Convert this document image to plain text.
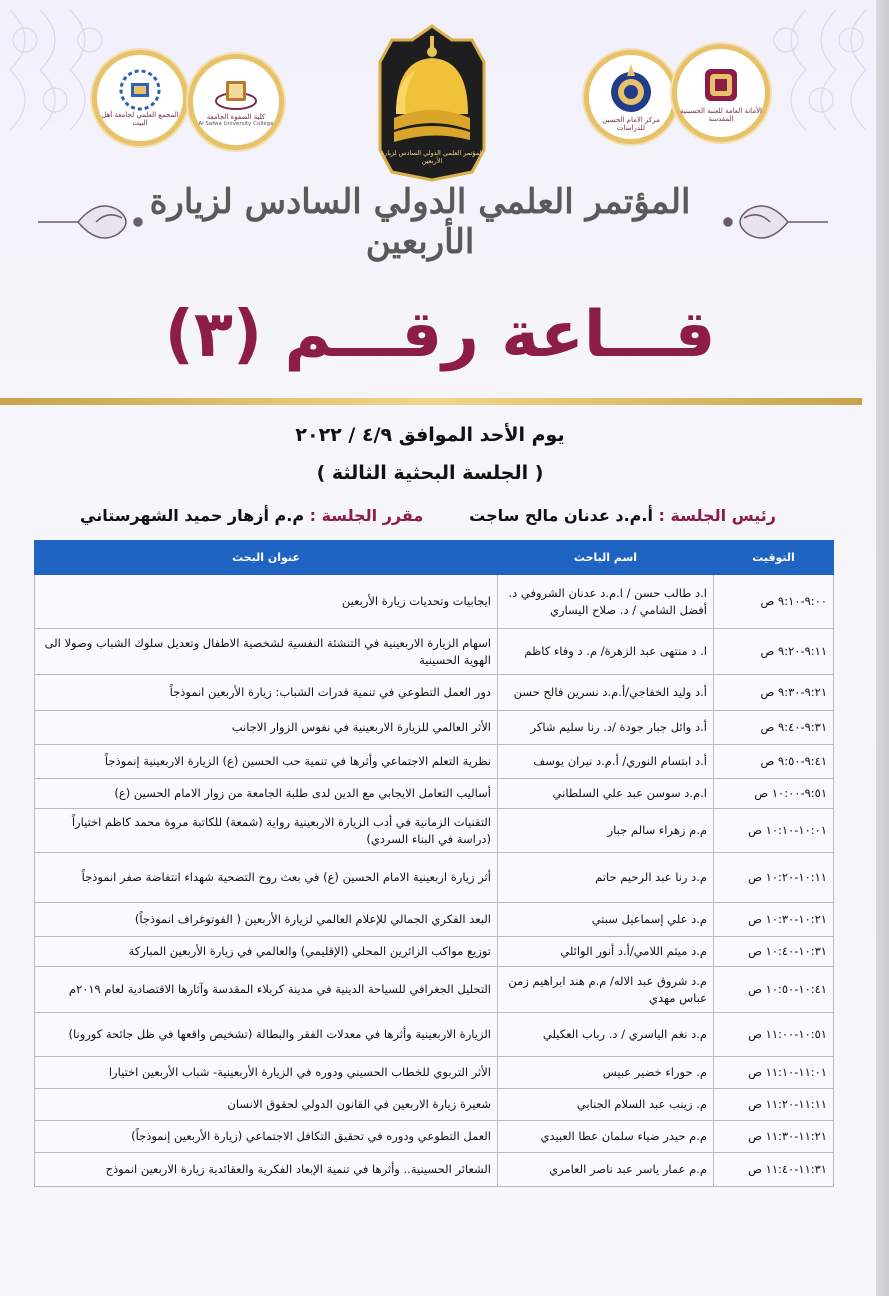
المجمع العلمي لجامعة أهل البيت
كلية الصفوة الجامعة
Al Safwa University College
مركز الامام الحسين للدراسات
الأمانة العامة للعتبة الحسينية المقدسة
المؤتمر العلمي الدولي السادس لزيارة الأربعين
المؤتمر العلمي الدولي السادس لزيارة الأربعين
قـــاعة رقـــم (٣)
يوم الأحد الموافق ٤/٩ / ٢٠٢٢
( الجلسة البحثية الثالثة )
رئيس الجلسة : أ.م.د عدنان مالح ساجت
مقرر الجلسة : م.م أزهار حميد الشهرستاني
التوقيت	اسم الباحث	عنوان البحث
٩:٠٠-٩:١٠ ص	ا.د طالب حسن / ا.م.د عدنان الشروفي د. أفضل الشامي / د. صلاح اليساري	ايجابيات وتحديات زيارة الأربعين
٩:١١-٩:٢٠ ص	ا. د منتهى عبد الزهرة/ م. د وفاء كاظم	اسهام الزيارة الاربعينية في التنشئة النفسية لشخصية الاطفال وتعديل سلوك الشباب وصولا الى الهوية الحسينية
٩:٢١-٩:٣٠ ص	أ.د وليد الخفاجي/أ.م.د نسرين فالح حسن	دور العمل التطوعي في تنمية قدرات الشباب: زيارة الأربعين انموذجاً
٩:٣١-٩:٤٠ ص	أ.د وائل جبار جودة /د. رنا سليم شاكر	الأثر العالمي للزيارة الاربعينية في نفوس الزوار الاجانب
٩:٤١-٩:٥٠ ص	أ.د ابتسام النوري/ أ.م.د نيران يوسف	نظرية التعلم الاجتماعي وأثرها في تنمية حب الحسين (ع) الزيارة الاربعينية إنموذجاً
٩:٥١-١٠:٠٠ ص	ا.م.د سوسن عبد علي السلطاني	أساليب التعامل الايجابي مع الدين لدى طلبة الجامعة من زوار الامام الحسين (ع)
١٠:٠١-١٠:١٠ ص	م.م زهراء سالم جبار	التقنيات الزمانية في أدب الزيارة الاربعينية رواية (شمعة) للكاتبة مروة محمد كاظم اختياراً (دراسة في البناء السردي)
١٠:١١-١٠:٢٠ ص	م.د رنا عبد الرحيم حاتم	أثر زيارة اربعينية الامام الحسين (ع) في بعث روح التضحية شهداء انتفاضة صفر انموذجاً
١٠:٢١-١٠:٣٠ ص	م.د علي إسماعيل سبتي	البعد الفكري الجمالي للإعلام العالمي لزيارة الأربعين ( الفوتوغراف انموذجاً)
١٠:٣١-١٠:٤٠ ص	م.د ميثم اللامي/أ.د أنور الوائلي	توزيع مواكب الزائرين المحلي (الإقليمي) والعالمي في زيارة الأربعين المباركة
١٠:٤١-١٠:٥٠ ص	م.د شروق عبد الاله/ م.م هند ابراهيم زمن عباس مهدي	التحليل الجغرافي للسياحة الدينية في مدينة كربلاء المقدسة وآثارها الاقتصادية لعام ٢٠١٩م
١٠:٥١-١١:٠٠ ص	م.د نغم الياسري / د. رباب العكيلي	الزيارة الاربعينية وأثرها في معدلات الفقر والبطالة (تشخيص واقعها في ظل جائحة كورونا)
١١:٠١-١١:١٠ ص	م. حوراء خضير عبيس	الأثر التربوي للخطاب الحسيني ودوره في الزيارة الأربعينية- شباب الأربعين اختيارا
١١:١١-١١:٢٠ ص	م. زينب عبد السلام الجنابي	شعيرة زيارة الاربعين في القانون الدولي لحقوق الانسان
١١:٢١-١١:٣٠ ص	م.م حيدر ضياء سلمان عطا العبيدي	العمل التطوعي ودوره في تحقيق التكافل الاجتماعي (زيارة الأربعين إنموذجاً)
١١:٣١-١١:٤٠ ص	م.م عمار ياسر عبد ناصر العامري	الشعائر الحسينية.. وأثرها في تنمية الإبعاد الفكرية والعقائدية زيارة الاربعين انموذج
